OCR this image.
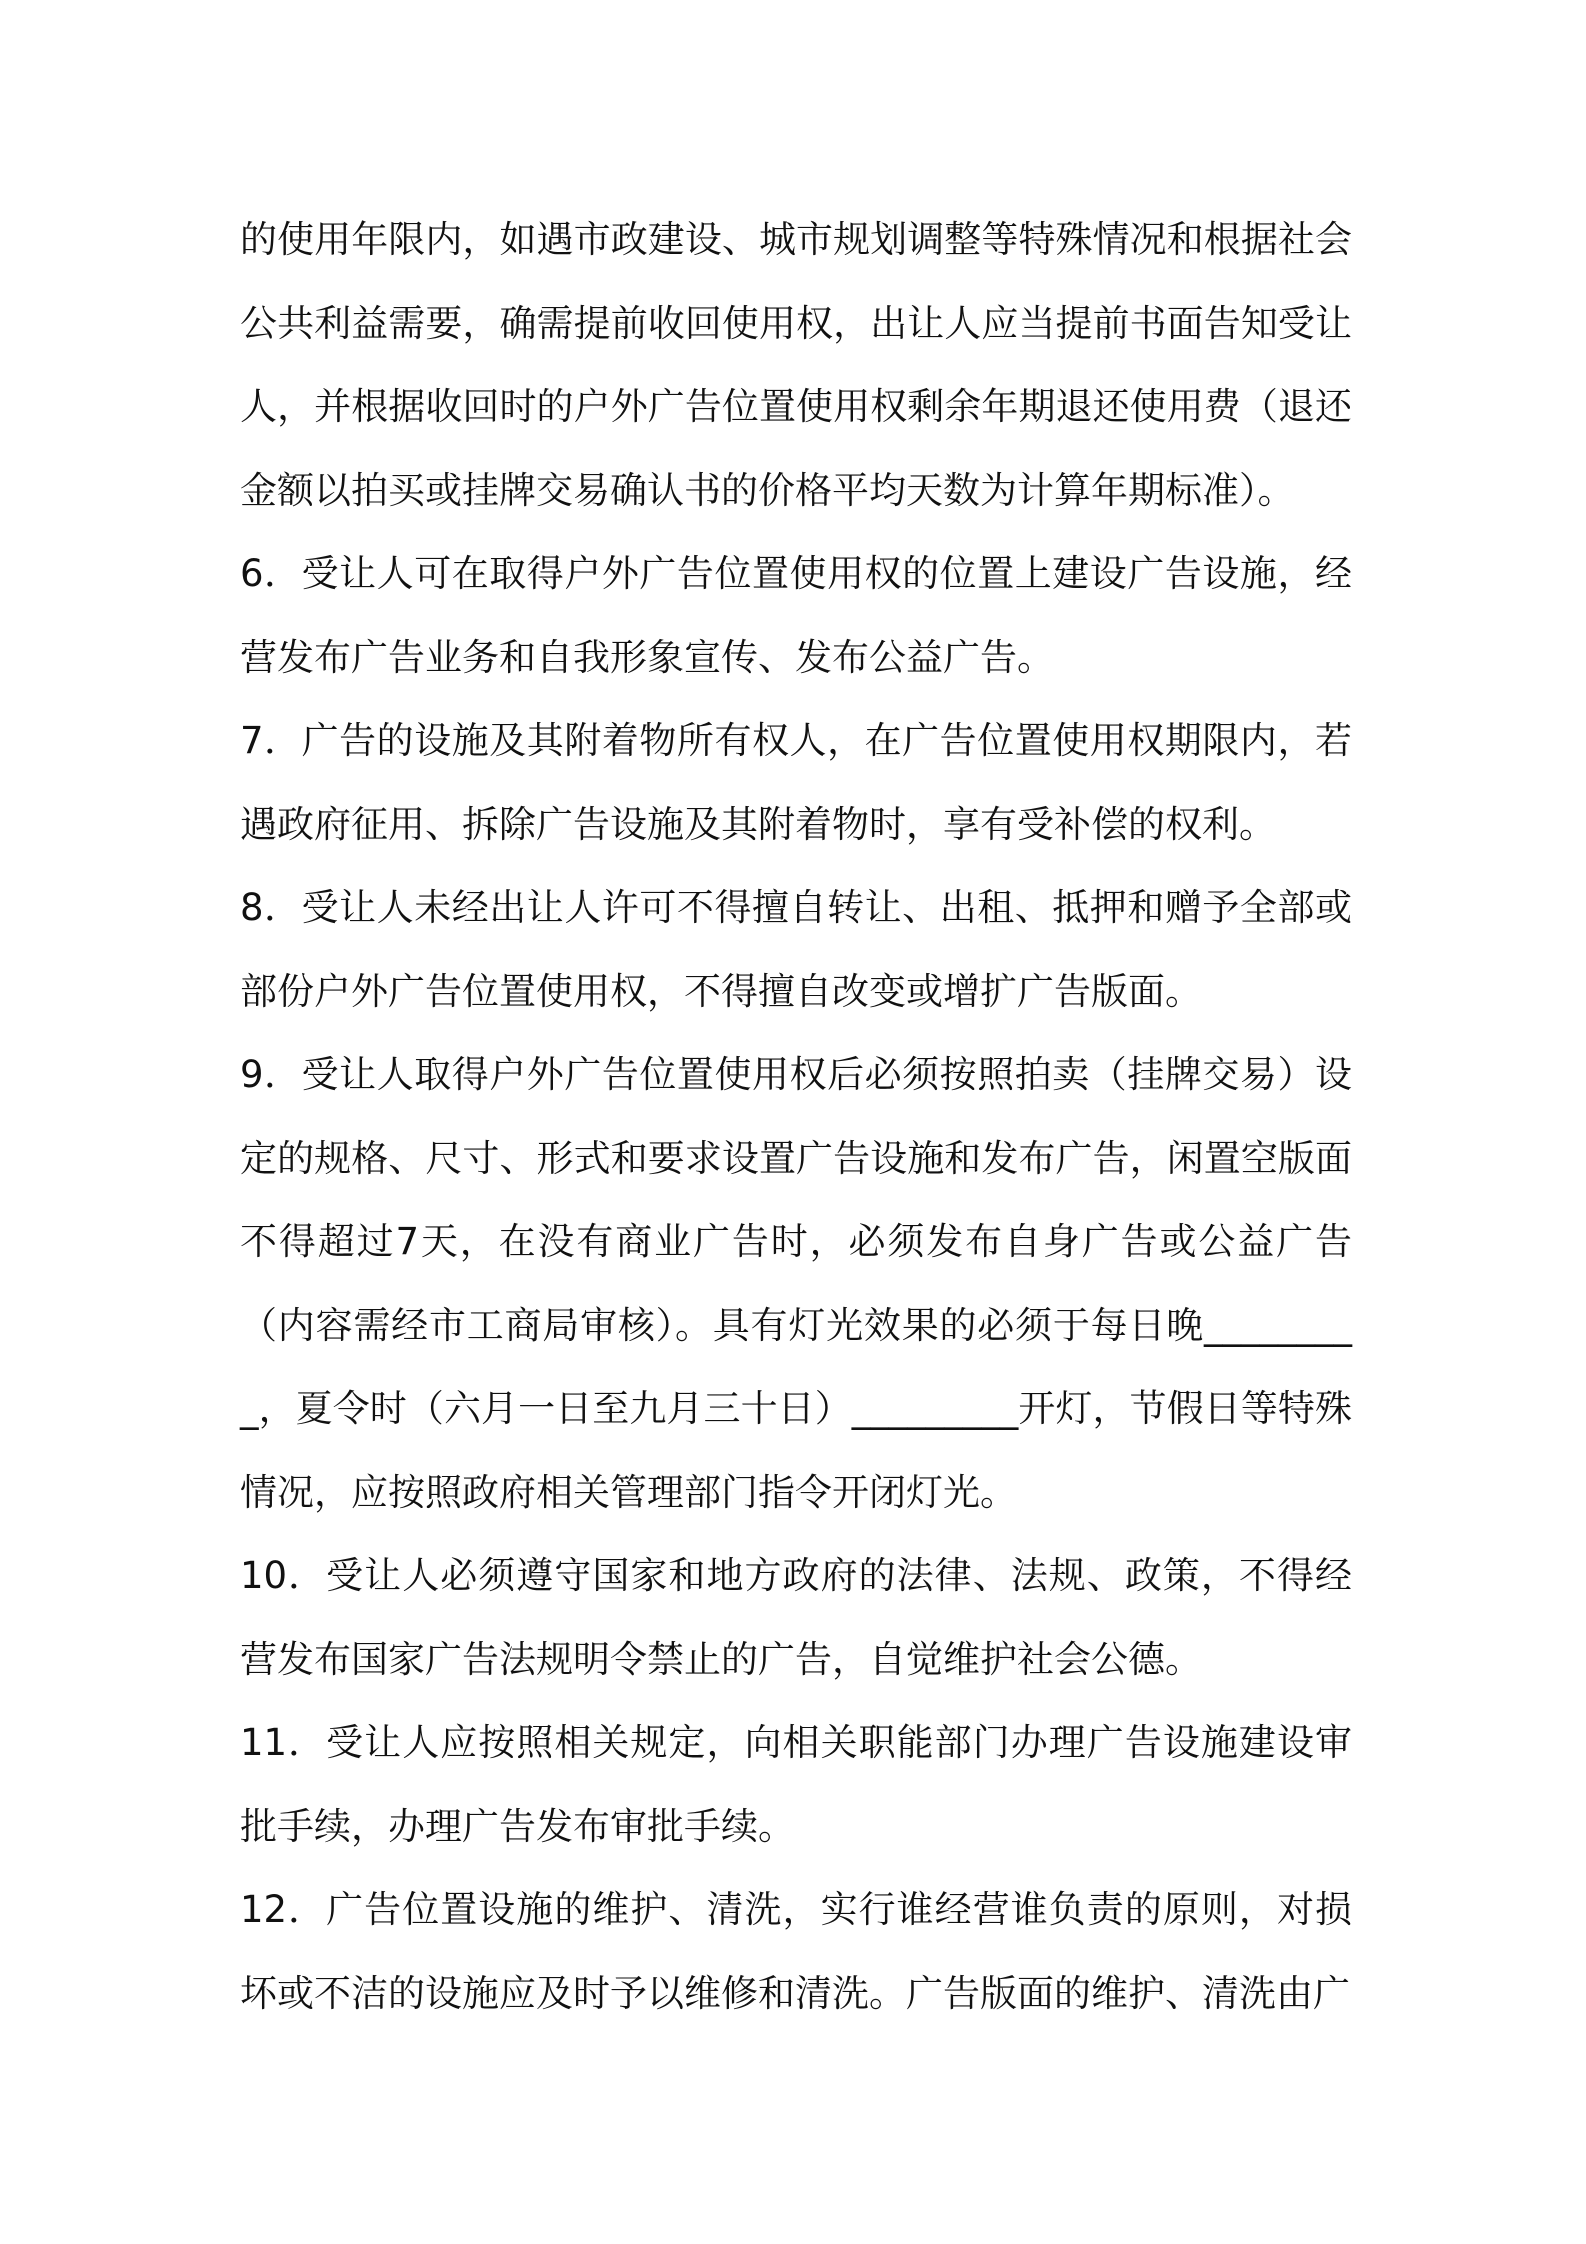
的使用年限内，如遇市政建设、城市规划调整等特殊情况和根据社会公共利益需要，确需提前收回使用权，出让人应当提前书面告知受让人，并根据收回时的户外广告位置使用权剩余年期退还使用费（退还金额以拍买或挂牌交易确认书的价格平均天数为计算年期标准）。

6．受让人可在取得户外广告位置使用权的位置上建设广告设施，经营发布广告业务和自我形象宣传、发布公益广告。

7．广告的设施及其附着物所有权人，在广告位置使用权期限内，若遇政府征用、拆除广告设施及其附着物时，享有受补偿的权利。

8．受让人未经出让人许可不得擅自转让、出租、抵押和赠予全部或部份户外广告位置使用权，不得擅自改变或增扩广告版面。

9．受让人取得户外广告位置使用权后必须按照拍卖（挂牌交易）设定的规格、尺寸、形式和要求设置广告设施和发布广告，闲置空版面不得超过7天，在没有商业广告时，必须发布自身广告或公益广告（内容需经市工商局审核）。具有灯光效果的必须于每日晚_________，夏令时（六月一日至九月三十日）_________开灯，节假日等特殊情况，应按照政府相关管理部门指令开闭灯光。

10．受让人必须遵守国家和地方政府的法律、法规、政策，不得经营发布国家广告法规明令禁止的广告，自觉维护社会公德。

11．受让人应按照相关规定，向相关职能部门办理广告设施建设审批手续，办理广告发布审批手续。

12．广告位置设施的维护、清洗，实行谁经营谁负责的原则，对损坏或不洁的设施应及时予以维修和清洗。广告版面的维护、清洗由广
